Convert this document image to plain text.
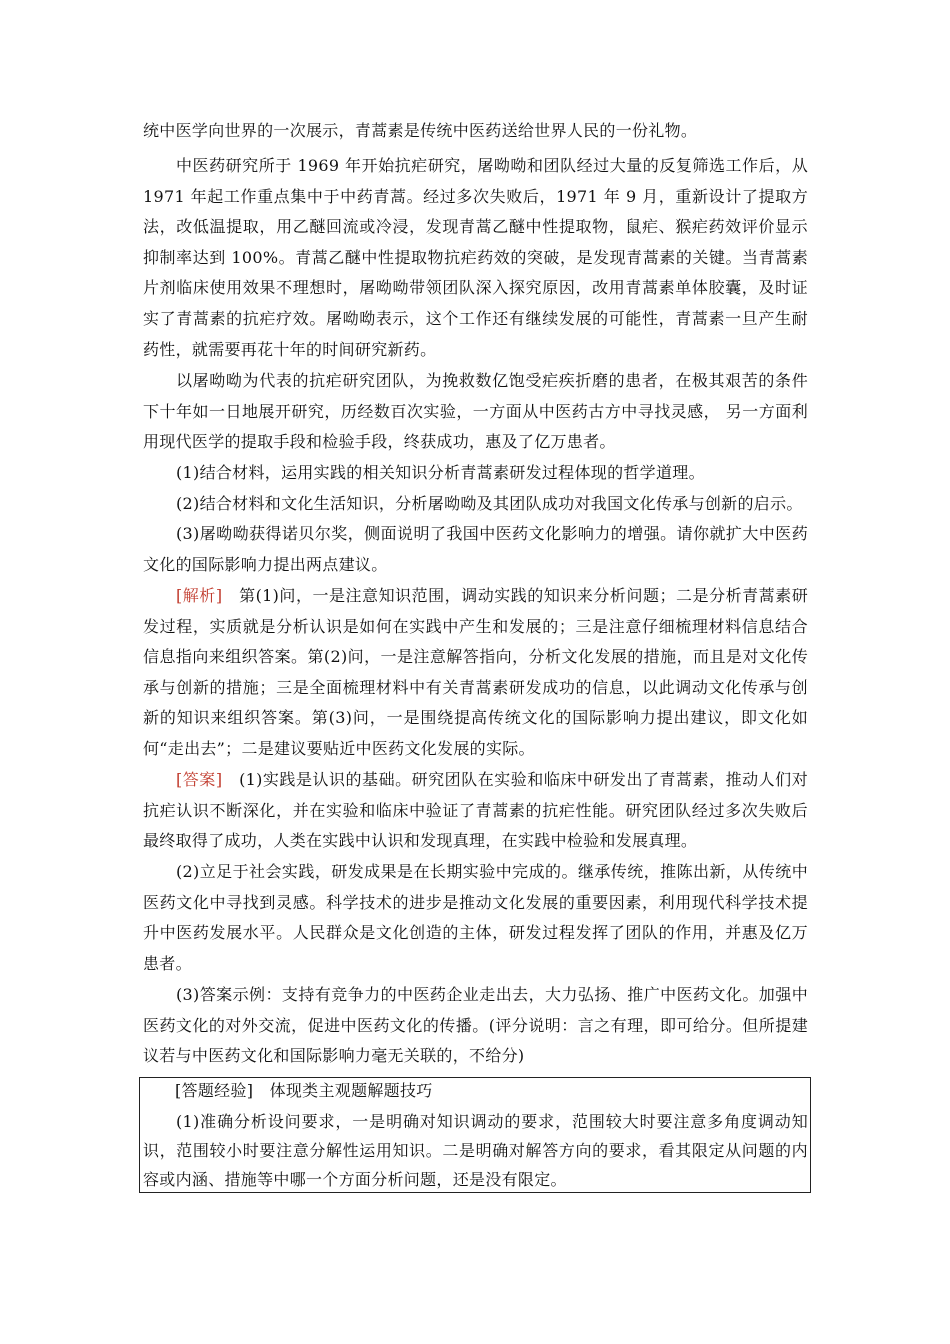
统中医学向世界的一次展示，青蒿素是传统中医药送给世界人民的一份礼物。

中医药研究所于 1969 年开始抗疟研究，屠呦呦和团队经过大量的反复筛选工作后，从 1971 年起工作重点集中于中药青蒿。经过多次失败后，1971 年 9 月，重新设计了提取方法，改低温提取，用乙醚回流或冷浸，发现青蒿乙醚中性提取物，鼠疟、猴疟药效评价显示抑制率达到 100%。青蒿乙醚中性提取物抗疟药效的突破，是发现青蒿素的关键。当青蒿素片剂临床使用效果不理想时，屠呦呦带领团队深入探究原因，改用青蒿素单体胶囊，及时证实了青蒿素的抗疟疗效。屠呦呦表示，这个工作还有继续发展的可能性，青蒿素一旦产生耐药性，就需要再花十年的时间研究新药。

以屠呦呦为代表的抗疟研究团队，为挽救数亿饱受疟疾折磨的患者，在极其艰苦的条件下十年如一日地展开研究，历经数百次实验，一方面从中医药古方中寻找灵感， 另一方面利用现代医学的提取手段和检验手段，终获成功，惠及了亿万患者。

(1)结合材料，运用实践的相关知识分析青蒿素研发过程体现的哲学道理。

(2)结合材料和文化生活知识，分析屠呦呦及其团队成功对我国文化传承与创新的启示。

(3)屠呦呦获得诺贝尔奖，侧面说明了我国中医药文化影响力的增强。请你就扩大中医药文化的国际影响力提出两点建议。

[解析]　第(1)问，一是注意知识范围，调动实践的知识来分析问题；二是分析青蒿素研发过程，实质就是分析认识是如何在实践中产生和发展的；三是注意仔细梳理材料信息结合信息指向来组织答案。第(2)问，一是注意解答指向，分析文化发展的措施，而且是对文化传承与创新的措施；三是全面梳理材料中有关青蒿素研发成功的信息，以此调动文化传承与创新的知识来组织答案。第(3)问，一是围绕提高传统文化的国际影响力提出建议，即文化如何“走出去”；二是建议要贴近中医药文化发展的实际。

[答案]　(1)实践是认识的基础。研究团队在实验和临床中研发出了青蒿素，推动人们对抗疟认识不断深化，并在实验和临床中验证了青蒿素的抗疟性能。研究团队经过多次失败后最终取得了成功，人类在实践中认识和发现真理，在实践中检验和发展真理。

(2)立足于社会实践，研发成果是在长期实验中完成的。继承传统，推陈出新，从传统中医药文化中寻找到灵感。科学技术的进步是推动文化发展的重要因素，利用现代科学技术提升中医药发展水平。人民群众是文化创造的主体，研发过程发挥了团队的作用，并惠及亿万患者。

(3)答案示例：支持有竞争力的中医药企业走出去，大力弘扬、推广中医药文化。加强中医药文化的对外交流，促进中医药文化的传播。(评分说明：言之有理，即可给分。但所提建议若与中医药文化和国际影响力毫无关联的，不给分)

[答题经验]　体现类主观题解题技巧

(1)准确分析设问要求，一是明确对知识调动的要求，范围较大时要注意多角度调动知识，范围较小时要注意分解性运用知识。二是明确对解答方向的要求，看其限定从问题的内容或内涵、措施等中哪一个方面分析问题，还是没有限定。
